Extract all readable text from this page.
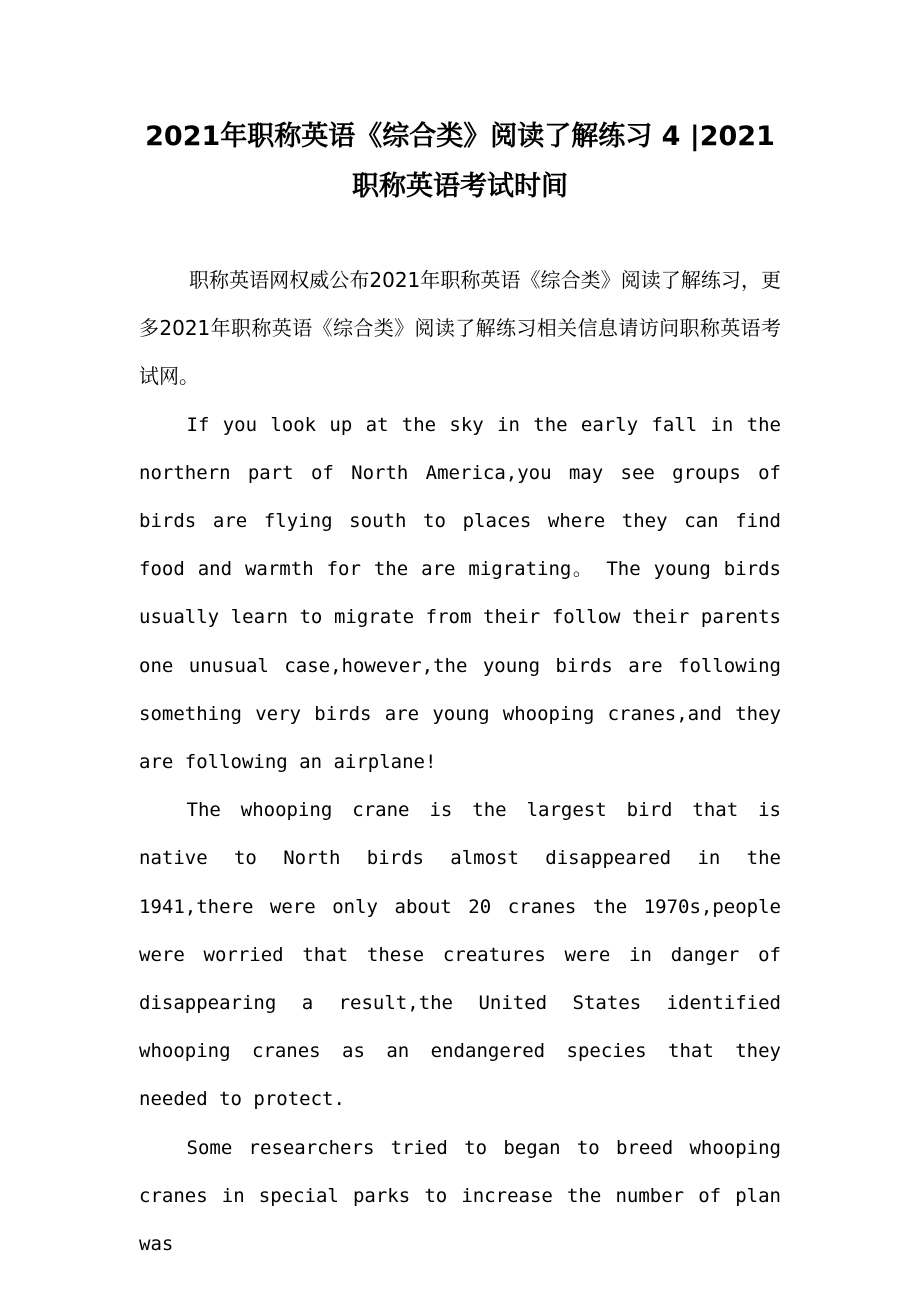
2021年职称英语《综合类》阅读了解练习 4 |2021职称英语考试时间

职称英语网权威公布2021年职称英语《综合类》阅读了解练习，更多2021年职称英语《综合类》阅读了解练习相关信息请访问职称英语考试网。

If you look up at the sky in the early fall in the northern part of North America,you may see groups of birds are flying south to places where they can find food and warmth for the are migrating。 The young birds usually learn to migrate from their follow their parents one unusual case,however,the young birds are following something very birds are young whooping cranes,and they are following an airplane!

The whooping crane is the largest bird that is native to North birds almost disappeared in the 1941,there were only about 20 cranes the 1970s,people were worried that these creatures were in danger of disappearing a result,the United States identified whooping cranes as an endangered species that they needed to protect.

Some researchers tried to began to breed whooping cranes in special parks to increase the number of plan was
